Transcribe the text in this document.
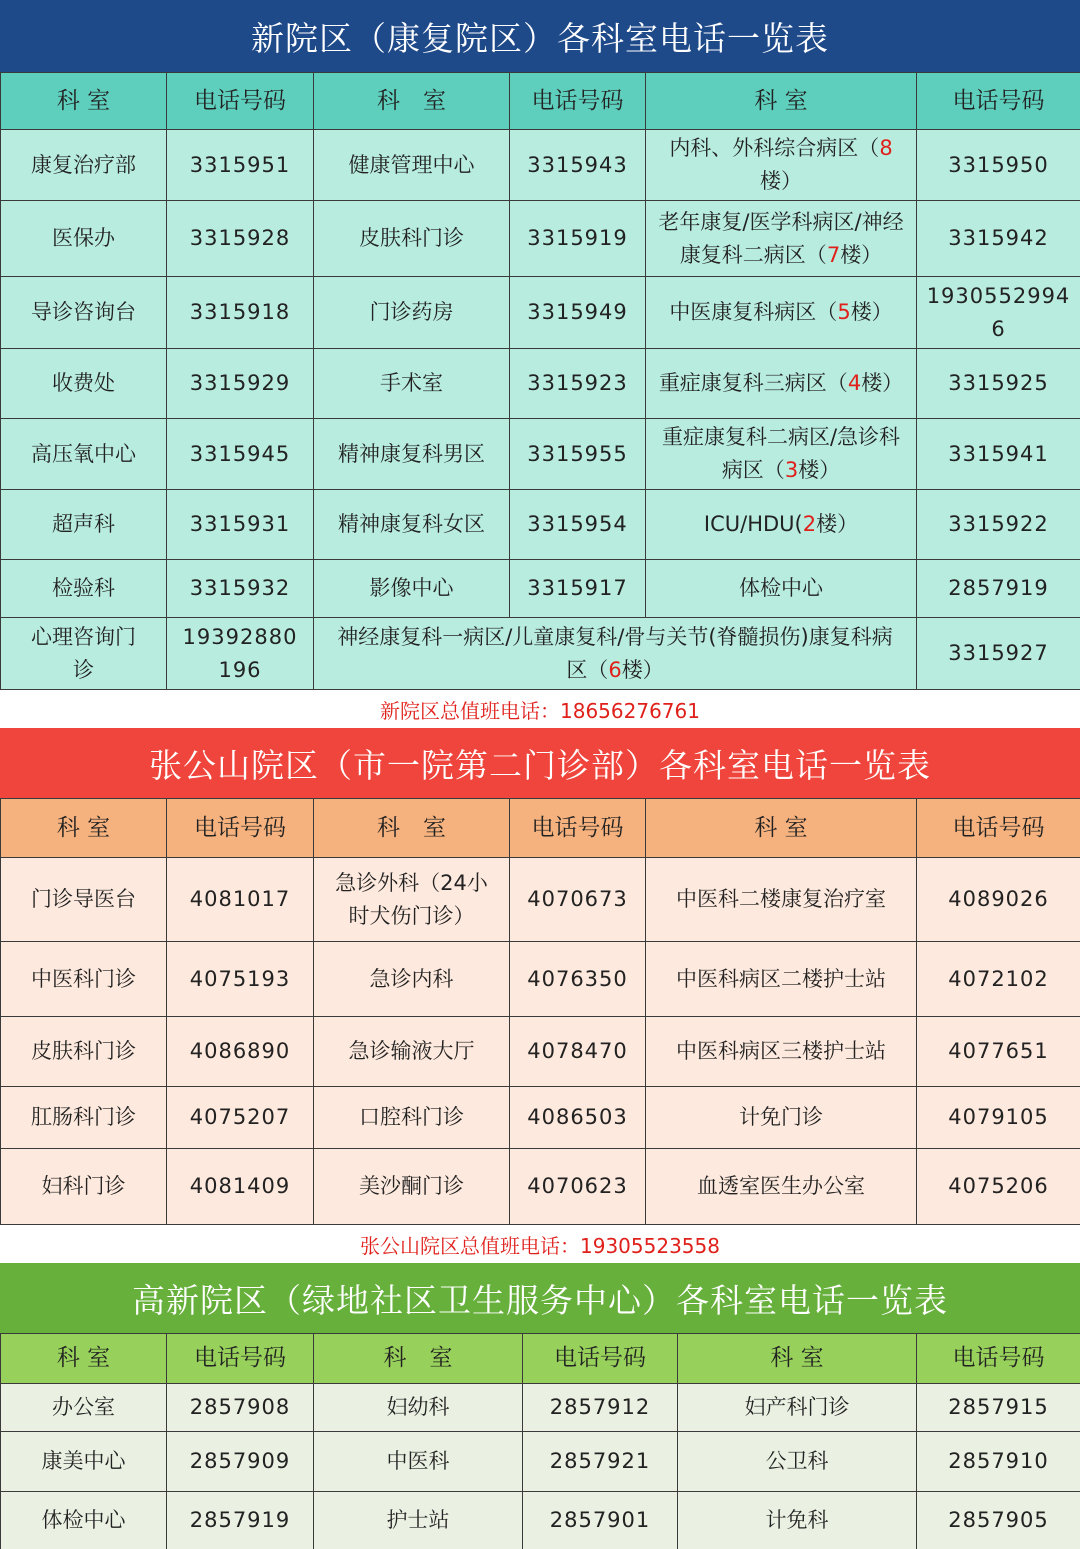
新院区（康复院区）各科室电话一览表
科 室	电话号码	科　室	电话号码	科 室	电话号码
康复治疗部	3315951	健康管理中心	3315943	内科、外科综合病区（8楼）	3315950
医保办	3315928	皮肤科门诊	3315919	老年康复/医学科病区/神经康复科二病区（7楼）	3315942
导诊咨询台	3315918	门诊药房	3315949	中医康复科病区（5楼）	19305529946
收费处	3315929	手术室	3315923	重症康复科三病区（4楼）	3315925
高压氧中心	3315945	精神康复科男区	3315955	重症康复科二病区/急诊科病区（3楼）	3315941
超声科	3315931	精神康复科女区	3315954	ICU/HDU(2楼）	3315922
检验科	3315932	影像中心	3315917	体检中心	2857919
心理咨询门诊	19392880196	神经康复科一病区/儿童康复科/骨与关节(脊髓损伤)康复科病区（6楼）			3315927
新院区总值班电话：18656276761
张公山院区（市一院第二门诊部）各科室电话一览表
科 室	电话号码	科　室	电话号码	科 室	电话号码
门诊导医台	4081017	急诊外科（24小时犬伤门诊）	4070673	中医科二楼康复治疗室	4089026
中医科门诊	4075193	急诊内科	4076350	中医科病区二楼护士站	4072102
皮肤科门诊	4086890	急诊输液大厅	4078470	中医科病区三楼护士站	4077651
肛肠科门诊	4075207	口腔科门诊	4086503	计免门诊	4079105
妇科门诊	4081409	美沙酮门诊	4070623	血透室医生办公室	4075206
张公山院区总值班电话：19305523558
高新院区（绿地社区卫生服务中心）各科室电话一览表
科 室	电话号码	科　室	电话号码	科 室	电话号码
办公室	2857908	妇幼科	2857912	妇产科门诊	2857915
康美中心	2857909	中医科	2857921	公卫科	2857910
体检中心	2857919	护士站	2857901	计免科	2857905
